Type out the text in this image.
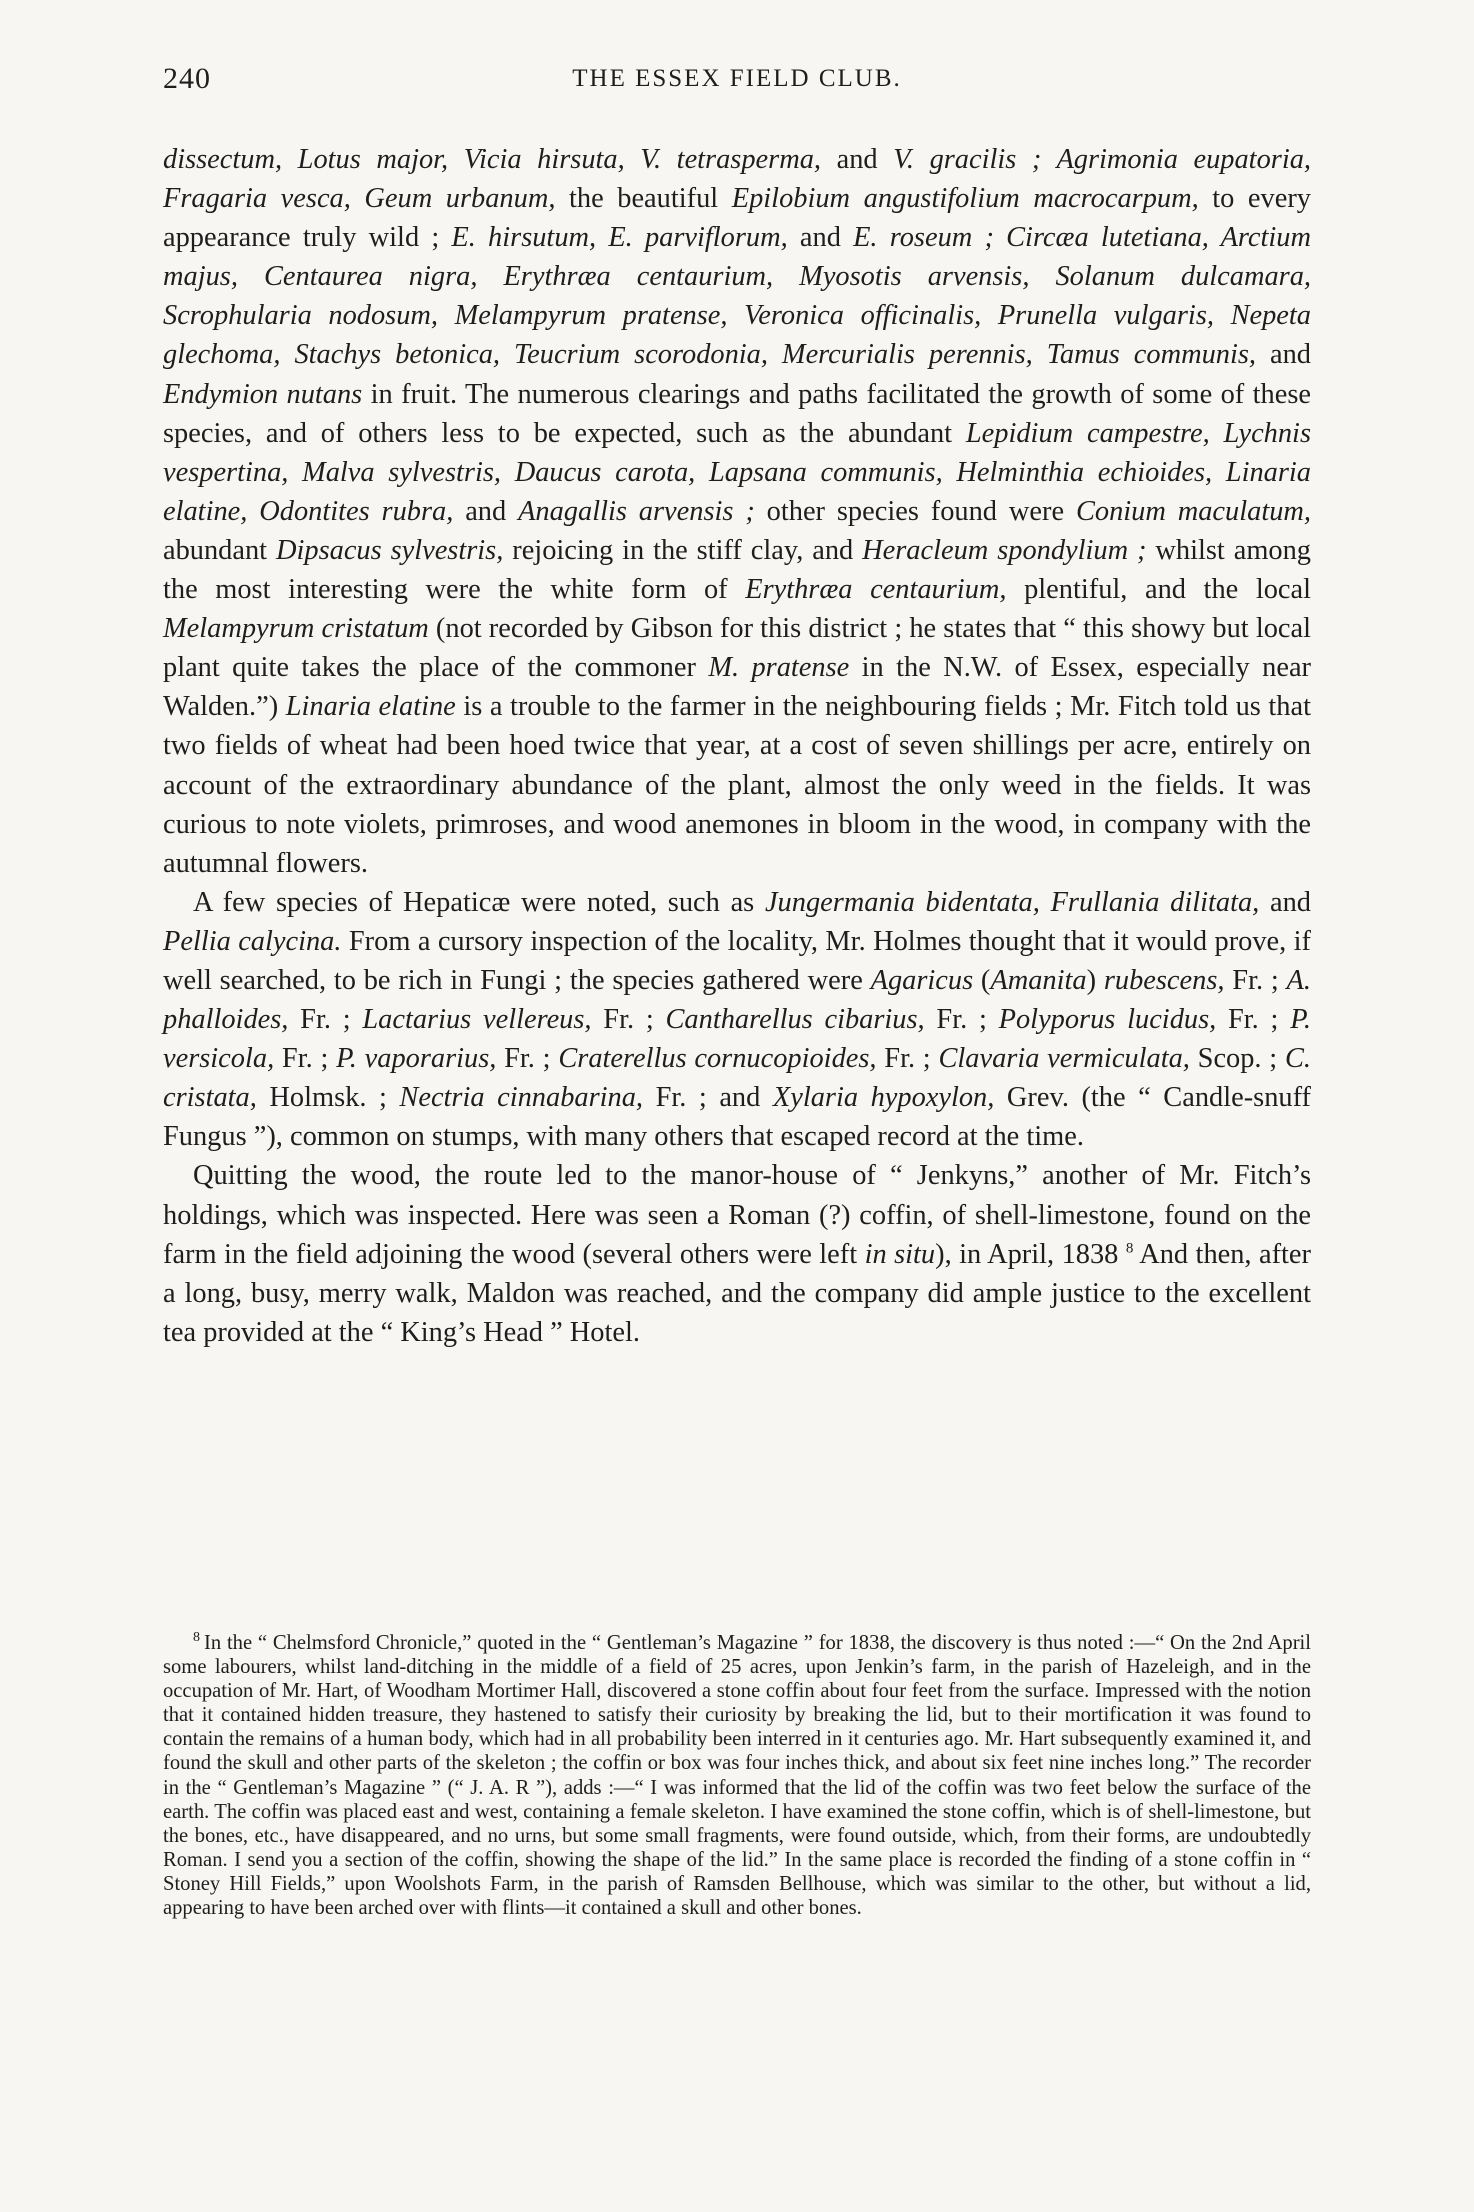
240	THE ESSEX FIELD CLUB.

dissectum, Lotus major, Vicia hirsuta, V. tetrasperma, and V. gracilis ; Agrimonia eupatoria, Fragaria vesca, Geum urbanum, the beautiful Epilobium angustifolium macrocarpum, to every appearance truly wild ; E. hirsutum, E. parviflorum, and E. roseum ; Circæa lutetiana, Arctium majus, Centaurea nigra, Erythræa centaurium, Myosotis arvensis, Solanum dulcamara, Scrophularia nodosum, Melampyrum pratense, Veronica officinalis, Prunella vulgaris, Nepeta glechoma, Stachys betonica, Teucrium scorodonia, Mercurialis perennis, Tamus communis, and Endymion nutans in fruit. The numerous clearings and paths facilitated the growth of some of these species, and of others less to be expected, such as the abundant Lepidium campestre, Lychnis vespertina, Malva sylvestris, Daucus carota, Lapsana communis, Helminthia echioides, Linaria elatine, Odontites rubra, and Anagallis arvensis ; other species found were Conium maculatum, abundant Dipsacus sylvestris, rejoicing in the stiff clay, and Heracleum spondylium ; whilst among the most interesting were the white form of Erythræa centaurium, plentiful, and the local Melampyrum cristatum (not recorded by Gibson for this district ; he states that “ this showy but local plant quite takes the place of the commoner M. pratense in the N.W. of Essex, especially near Walden.”) Linaria elatine is a trouble to the farmer in the neighbouring fields ; Mr. Fitch told us that two fields of wheat had been hoed twice that year, at a cost of seven shillings per acre, entirely on account of the extraordinary abundance of the plant, almost the only weed in the fields. It was curious to note violets, primroses, and wood anemones in bloom in the wood, in company with the autumnal flowers.

A few species of Hepaticæ were noted, such as Jungermania bidentata, Frullania dilitata, and Pellia calycina. From a cursory inspection of the locality, Mr. Holmes thought that it would prove, if well searched, to be rich in Fungi ; the species gathered were Agaricus (Amanita) rubescens, Fr. ; A. phalloides, Fr. ; Lactarius vellereus, Fr. ; Cantharellus cibarius, Fr. ; Polyporus lucidus, Fr. ; P. versicola, Fr. ; P. vaporarius, Fr. ; Craterellus cornucopioides, Fr. ; Clavaria vermiculata, Scop. ; C. cristata, Holmsk. ; Nectria cinnabarina, Fr. ; and Xylaria hypoxylon, Grev. (the “ Candle-snuff Fungus ”), common on stumps, with many others that escaped record at the time.

Quitting the wood, the route led to the manor-house of “ Jenkyns,” another of Mr. Fitch’s holdings, which was inspected. Here was seen a Roman (?) coffin, of shell-limestone, found on the farm in the field adjoining the wood (several others were left in situ), in April, 1838 $^8$ And then, after a long, busy, merry walk, Maldon was reached, and the company did ample justice to the excellent tea provided at the “ King’s Head ” Hotel.

$^8$ In the “ Chelmsford Chronicle,” quoted in the “ Gentleman’s Magazine ” for 1838, the discovery is thus noted :—“ On the 2nd April some labourers, whilst land-ditching in the middle of a field of 25 acres, upon Jenkin’s farm, in the parish of Hazeleigh, and in the occupation of Mr. Hart, of Woodham Mortimer Hall, discovered a stone coffin about four feet from the surface. Impressed with the notion that it contained hidden treasure, they hastened to satisfy their curiosity by breaking the lid, but to their mortification it was found to contain the remains of a human body, which had in all probability been interred in it centuries ago. Mr. Hart subsequently examined it, and found the skull and other parts of the skeleton ; the coffin or box was four inches thick, and about six feet nine inches long.” The recorder in the “ Gentleman’s Magazine ” (“ J. A. R ”), adds :—“ I was informed that the lid of the coffin was two feet below the surface of the earth. The coffin was placed east and west, containing a female skeleton. I have examined the stone coffin, which is of shell-limestone, but the bones, etc., have disappeared, and no urns, but some small fragments, were found outside, which, from their forms, are undoubtedly Roman. I send you a section of the coffin, showing the shape of the lid.” In the same place is recorded the finding of a stone coffin in “ Stoney Hill Fields,” upon Woolshots Farm, in the parish of Ramsden Bellhouse, which was similar to the other, but without a lid, appearing to have been arched over with flints—it contained a skull and other bones.
